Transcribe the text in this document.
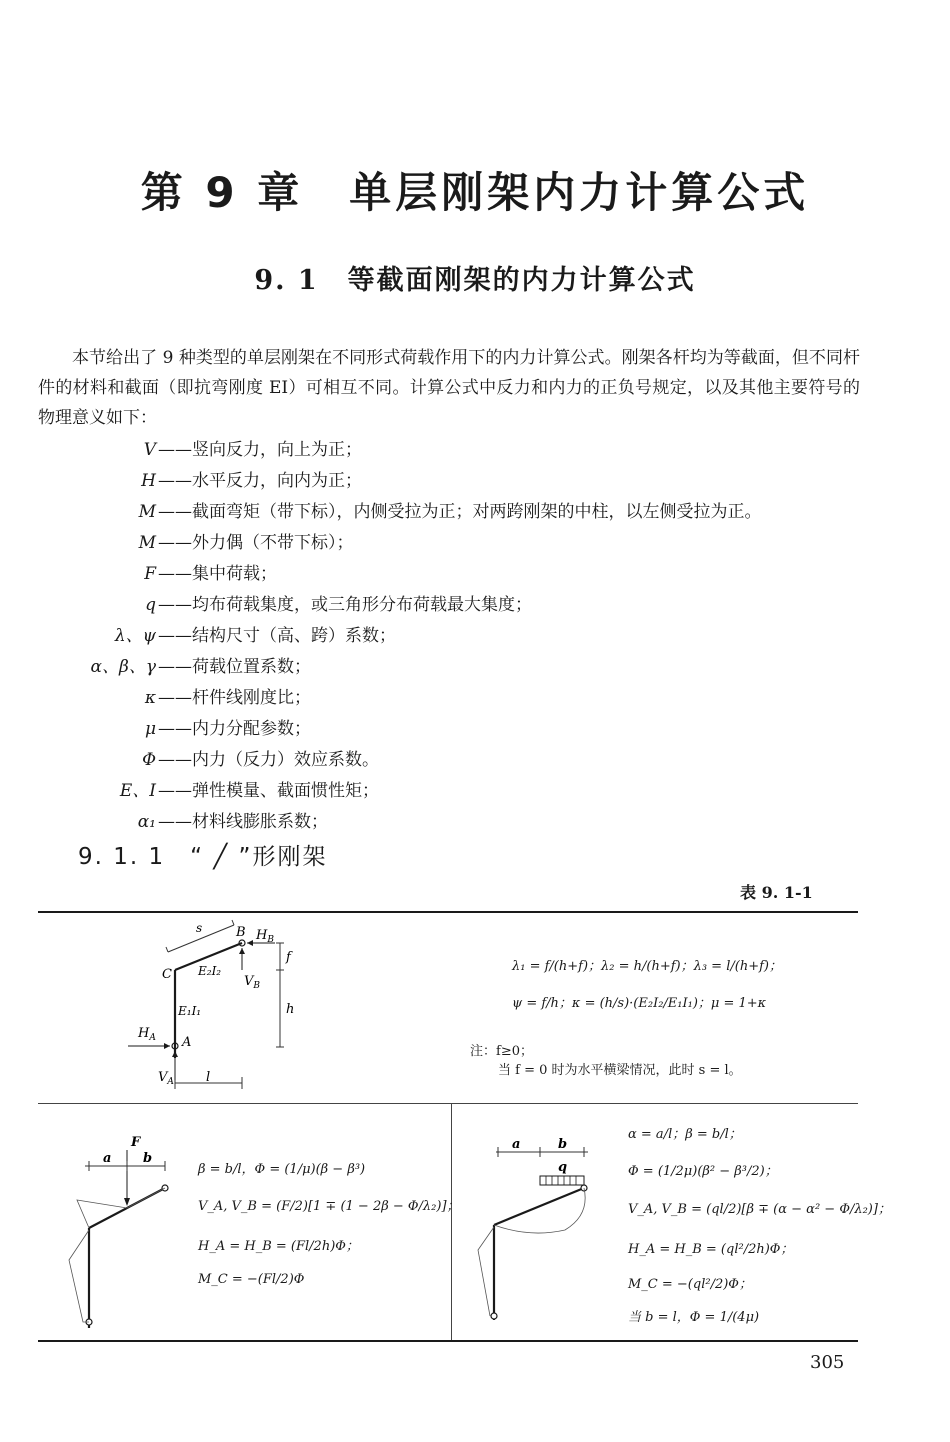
第 9 章　单层刚架内力计算公式
9. 1　等截面刚架的内力计算公式
本节给出了 9 种类型的单层刚架在不同形式荷载作用下的内力计算公式。刚架各杆均为等截面，但不同杆件的材料和截面（即抗弯刚度 EI）可相互不同。计算公式中反力和内力的正负号规定，以及其他主要符号的物理意义如下：
V ——竖向反力，向上为正；
H ——水平反力，向内为正；
M ——截面弯矩（带下标），内侧受拉为正；对两跨刚架的中柱，以左侧受拉为正。
M ——外力偶（不带下标）；
F ——集中荷载；
q ——均布荷载集度，或三角形分布荷载最大集度；
λ、ψ ——结构尺寸（高、跨）系数；
α、β、γ ——荷载位置系数；
κ ——杆件线刚度比；
μ ——内力分配参数；
Φ ——内力（反力）效应系数。
E、I ——弹性模量、截面惯性矩；
α₁ ——材料线膨胀系数；
9. 1. 1　“ ╱ ”形刚架
表 9. 1-1
s	B $H_B$
f
C E₂I₂
$V_B$
E₁I₁	h
$H_A$ A
$V_A$ l
λ₁ = f/(h+f)；λ₂ = h/(h+f)；λ₃ = l/(h+f)；
ψ = f/h；κ = (h/s)·(E₂I₂/E₁I₁)；μ = 1+κ
注：f≥0；
当 f = 0 时为水平横梁情况，此时 s = l。
F
a b
β = b/l，Φ = (1/μ)(β − β³)
V_A, V_B = (F/2)[1 ∓ (1 − 2β − Φ/λ₂)]；
H_A = H_B = (Fl/2h)Φ；
M_C = −(Fl/2)Φ
a	b
q
α = a/l；β = b/l；
Φ = (1/2μ)(β² − β³/2)；
V_A, V_B = (ql/2)[β ∓ (α − α² − Φ/λ₂)]；
H_A = H_B = (ql²/2h)Φ；
M_C = −(ql²/2)Φ；
当 b = l，Φ = 1/(4μ)
305
